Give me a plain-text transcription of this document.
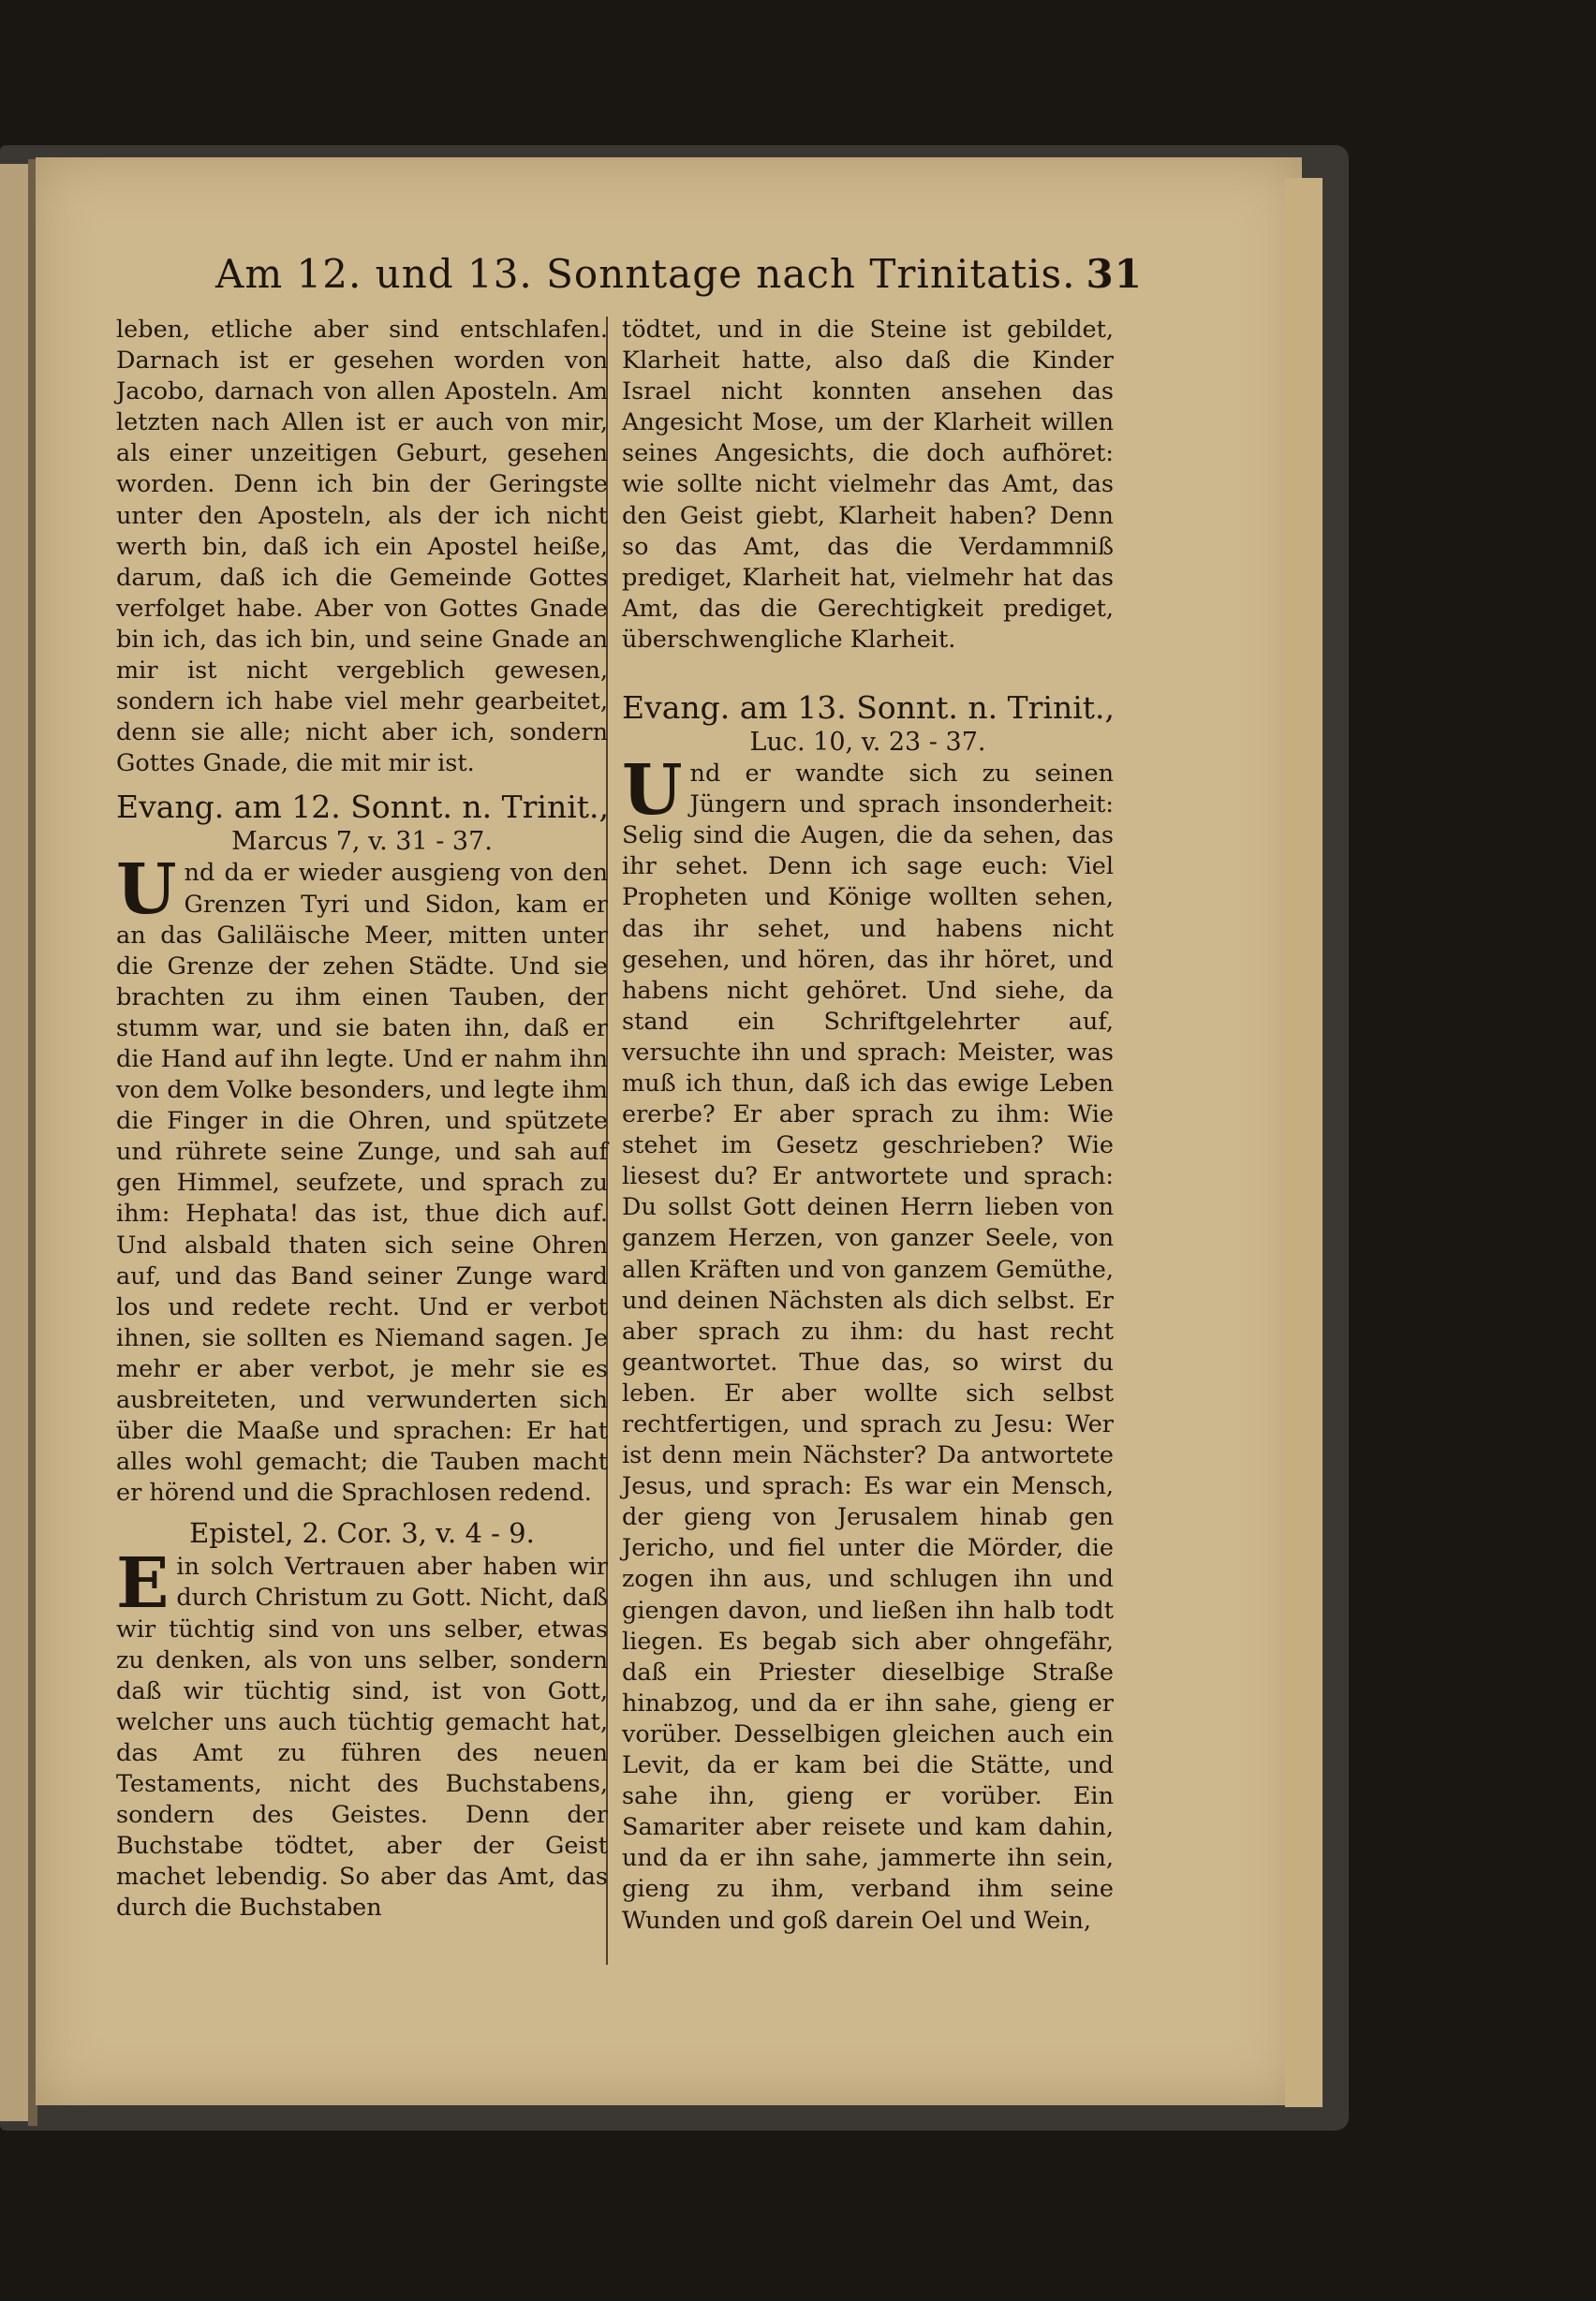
Am 12. und 13. Sonntage nach Trinitatis. 31

leben, etliche aber sind entschlafen. Darnach ist er gesehen worden von Jacobo, darnach von allen Aposteln. Am letzten nach Allen ist er auch von mir, als einer unzeitigen Geburt, gesehen worden. Denn ich bin der Geringste unter den Aposteln, als der ich nicht werth bin, daß ich ein Apostel heiße, darum, daß ich die Gemeinde Gottes verfolget habe. Aber von Gottes Gnade bin ich, das ich bin, und seine Gnade an mir ist nicht vergeblich gewesen, sondern ich habe viel mehr gearbeitet, denn sie alle; nicht aber ich, sondern Gottes Gnade, die mit mir ist.

Evang. am 12. Sonnt. n. Trinit.,
Marcus 7, v. 31 - 37.

Und da er wieder ausgieng von den Grenzen Tyri und Sidon, kam er an das Galiläische Meer, mitten unter die Grenze der zehen Städte. Und sie brachten zu ihm einen Tauben, der stumm war, und sie baten ihn, daß er die Hand auf ihn legte. Und er nahm ihn von dem Volke besonders, und legte ihm die Finger in die Ohren, und spützete und rührete seine Zunge, und sah auf gen Himmel, seufzete, und sprach zu ihm: Hephata! das ist, thue dich auf. Und alsbald thaten sich seine Ohren auf, und das Band seiner Zunge ward los und redete recht. Und er verbot ihnen, sie sollten es Niemand sagen. Je mehr er aber verbot, je mehr sie es ausbreiteten, und verwunderten sich über die Maaße und sprachen: Er hat alles wohl gemacht; die Tauben macht er hörend und die Sprachlosen redend.

Epistel, 2. Cor. 3, v. 4 - 9.

Ein solch Vertrauen aber haben wir durch Christum zu Gott. Nicht, daß wir tüchtig sind von uns selber, etwas zu denken, als von uns selber, sondern daß wir tüchtig sind, ist von Gott, welcher uns auch tüchtig gemacht hat, das Amt zu führen des neuen Testaments, nicht des Buchstabens, sondern des Geistes. Denn der Buchstabe tödtet, aber der Geist machet lebendig. So aber das Amt, das durch die Buchstaben

tödtet, und in die Steine ist gebildet, Klarheit hatte, also daß die Kinder Israel nicht konnten ansehen das Angesicht Mose, um der Klarheit willen seines Angesichts, die doch aufhöret: wie sollte nicht vielmehr das Amt, das den Geist giebt, Klarheit haben? Denn so das Amt, das die Verdammniß prediget, Klarheit hat, vielmehr hat das Amt, das die Gerechtigkeit prediget, überschwengliche Klarheit.

Evang. am 13. Sonnt. n. Trinit.,
Luc. 10, v. 23 - 37.

Und er wandte sich zu seinen Jüngern und sprach insonderheit: Selig sind die Augen, die da sehen, das ihr sehet. Denn ich sage euch: Viel Propheten und Könige wollten sehen, das ihr sehet, und habens nicht gesehen, und hören, das ihr höret, und habens nicht gehöret. Und siehe, da stand ein Schriftgelehrter auf, versuchte ihn und sprach: Meister, was muß ich thun, daß ich das ewige Leben ererbe? Er aber sprach zu ihm: Wie stehet im Gesetz geschrieben? Wie liesest du? Er antwortete und sprach: Du sollst Gott deinen Herrn lieben von ganzem Herzen, von ganzer Seele, von allen Kräften und von ganzem Gemüthe, und deinen Nächsten als dich selbst. Er aber sprach zu ihm: du hast recht geantwortet. Thue das, so wirst du leben. Er aber wollte sich selbst rechtfertigen, und sprach zu Jesu: Wer ist denn mein Nächster? Da antwortete Jesus, und sprach: Es war ein Mensch, der gieng von Jerusalem hinab gen Jericho, und fiel unter die Mörder, die zogen ihn aus, und schlugen ihn und giengen davon, und ließen ihn halb todt liegen. Es begab sich aber ohngefähr, daß ein Priester dieselbige Straße hinabzog, und da er ihn sahe, gieng er vorüber. Desselbigen gleichen auch ein Levit, da er kam bei die Stätte, und sahe ihn, gieng er vorüber. Ein Samariter aber reisete und kam dahin, und da er ihn sahe, jammerte ihn sein, gieng zu ihm, verband ihm seine Wunden und goß darein Oel und Wein,
